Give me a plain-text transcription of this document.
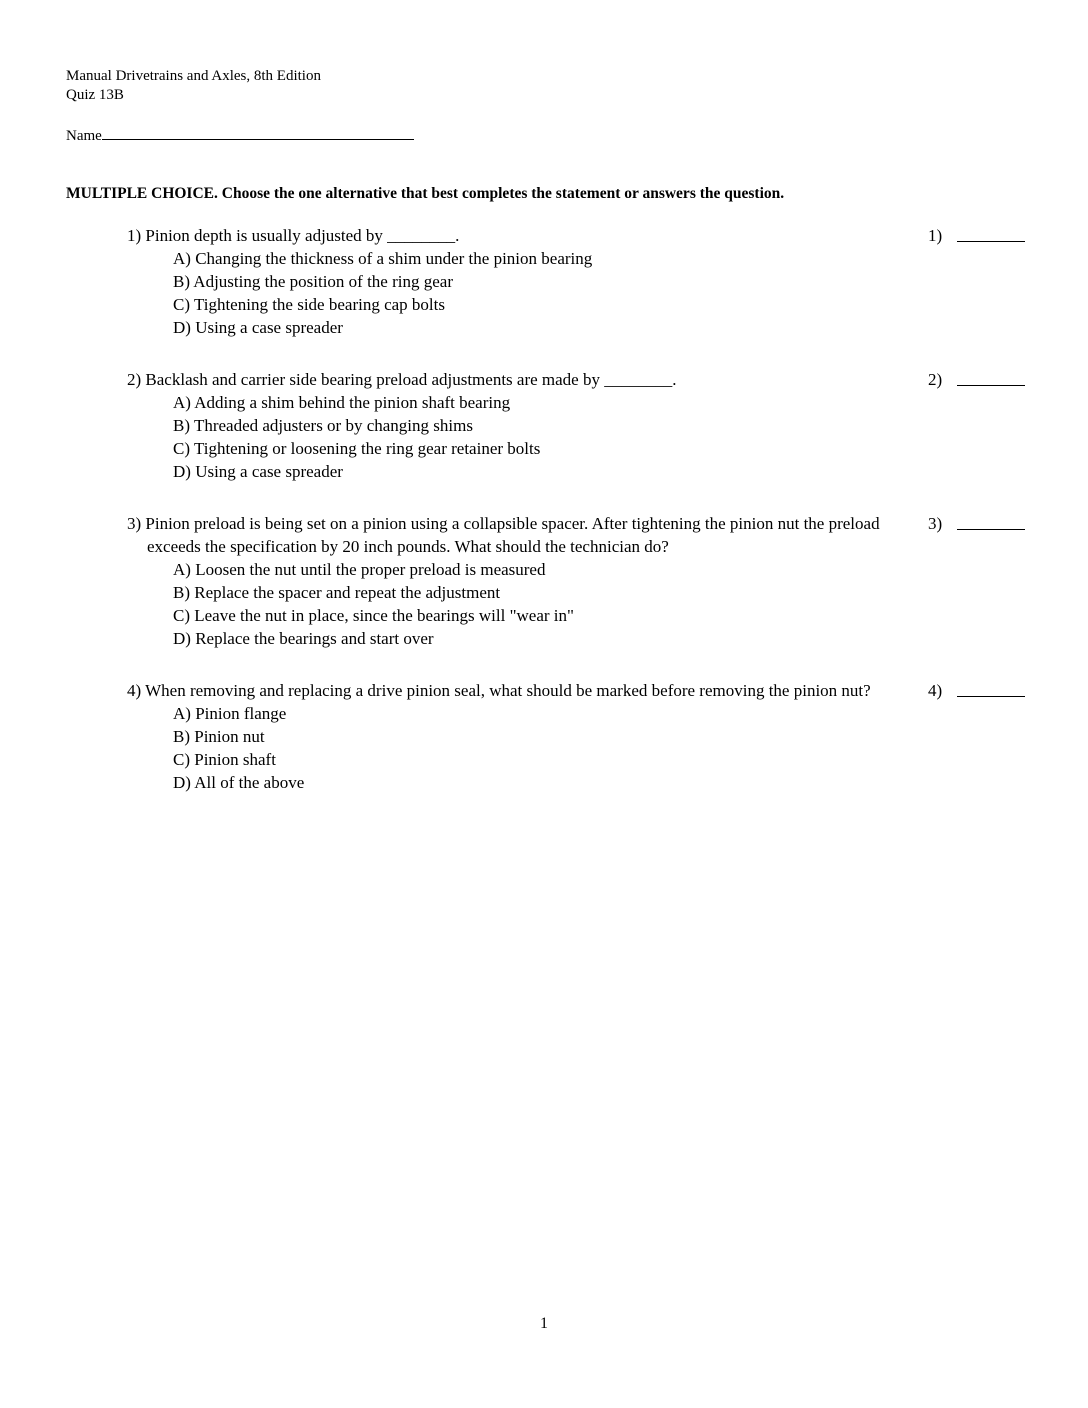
Manual Drivetrains and Axles, 8th Edition
Quiz 13B
Name
MULTIPLE CHOICE. Choose the one alternative that best completes the statement or answers the question.
1) Pinion depth is usually adjusted by ________.
A) Changing the thickness of a shim under the pinion bearing
B) Adjusting the position of the ring gear
C) Tightening the side bearing cap bolts
D) Using a case spreader
1)
2) Backlash and carrier side bearing preload adjustments are made by ________.
A) Adding a shim behind the pinion shaft bearing
B) Threaded adjusters or by changing shims
C) Tightening or loosening the ring gear retainer bolts
D) Using a case spreader
2)
3) Pinion preload is being set on a pinion using a collapsible spacer. After tightening the pinion nut the preload exceeds the specification by 20 inch pounds. What should the technician do?
A) Loosen the nut until the proper preload is measured
B) Replace the spacer and repeat the adjustment
C) Leave the nut in place, since the bearings will "wear in"
D) Replace the bearings and start over
3)
4) When removing and replacing a drive pinion seal, what should be marked before removing the pinion nut?
A) Pinion flange
B) Pinion nut
C) Pinion shaft
D) All of the above
4)
1
